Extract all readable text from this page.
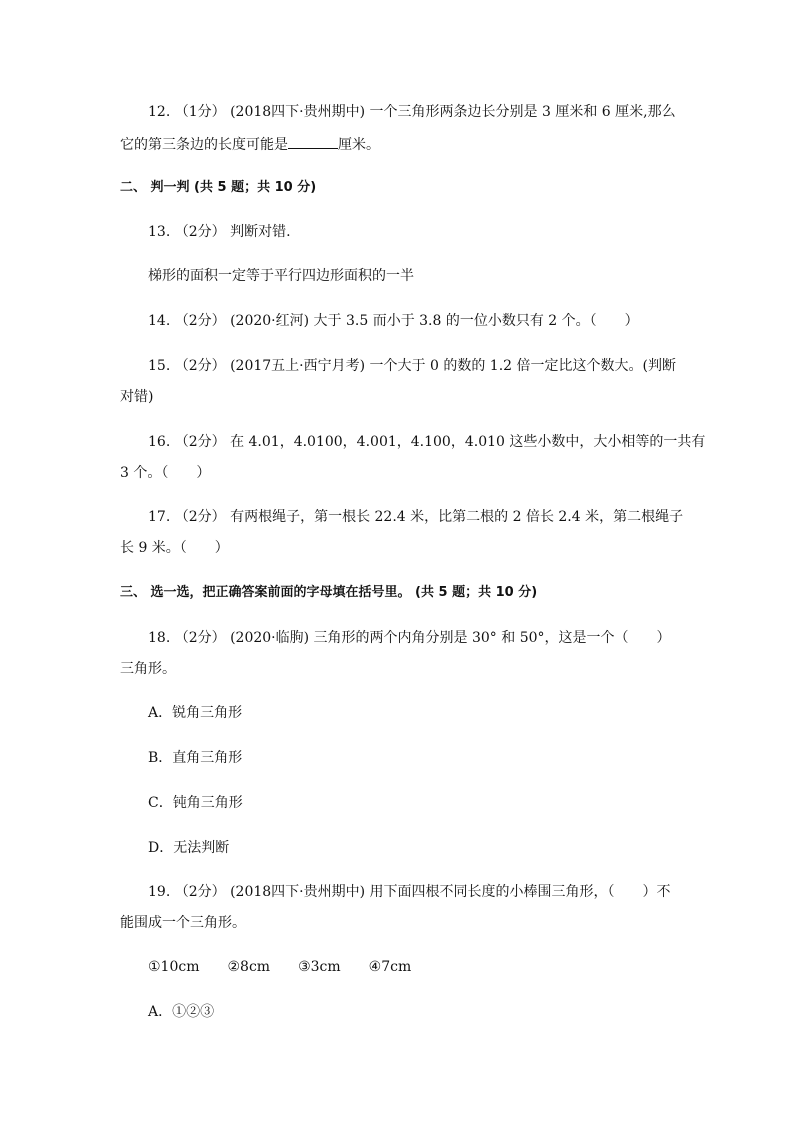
12. （1分） (2018四下·贵州期中) 一个三角形两条边长分别是 3 厘米和 6 厘米,那么
它的第三条边的长度可能是	厘米。
二、 判一判 (共 5 题；共 10 分)
13. （2分） 判断对错.
梯形的面积一定等于平行四边形面积的一半
14. （2分） (2020·红河) 大于 3.5 而小于 3.8 的一位小数只有 2 个。（　　）
15. （2分） (2017五上·西宁月考) 一个大于 0 的数的 1.2 倍一定比这个数大。(判断
对错)
16. （2分） 在 4.01，4.0100，4.001，4.100，4.010 这些小数中，大小相等的一共有
3 个。（　　）
17. （2分） 有两根绳子，第一根长 22.4 米，比第二根的 2 倍长 2.4 米，第二根绳子
长 9 米。（　　）
三、 选一选，把正确答案前面的字母填在括号里。 (共 5 题；共 10 分)
18. （2分） (2020·临朐) 三角形的两个内角分别是 30° 和 50°，这是一个（　　）
三角形。
A．锐角三角形
B．直角三角形
C．钝角三角形
D．无法判断
19. （2分） (2018四下·贵州期中) 用下面四根不同长度的小棒围三角形，（　　）不
能围成一个三角形。
①10cm ②8cm ③3cm ④7cm
A．①②③
